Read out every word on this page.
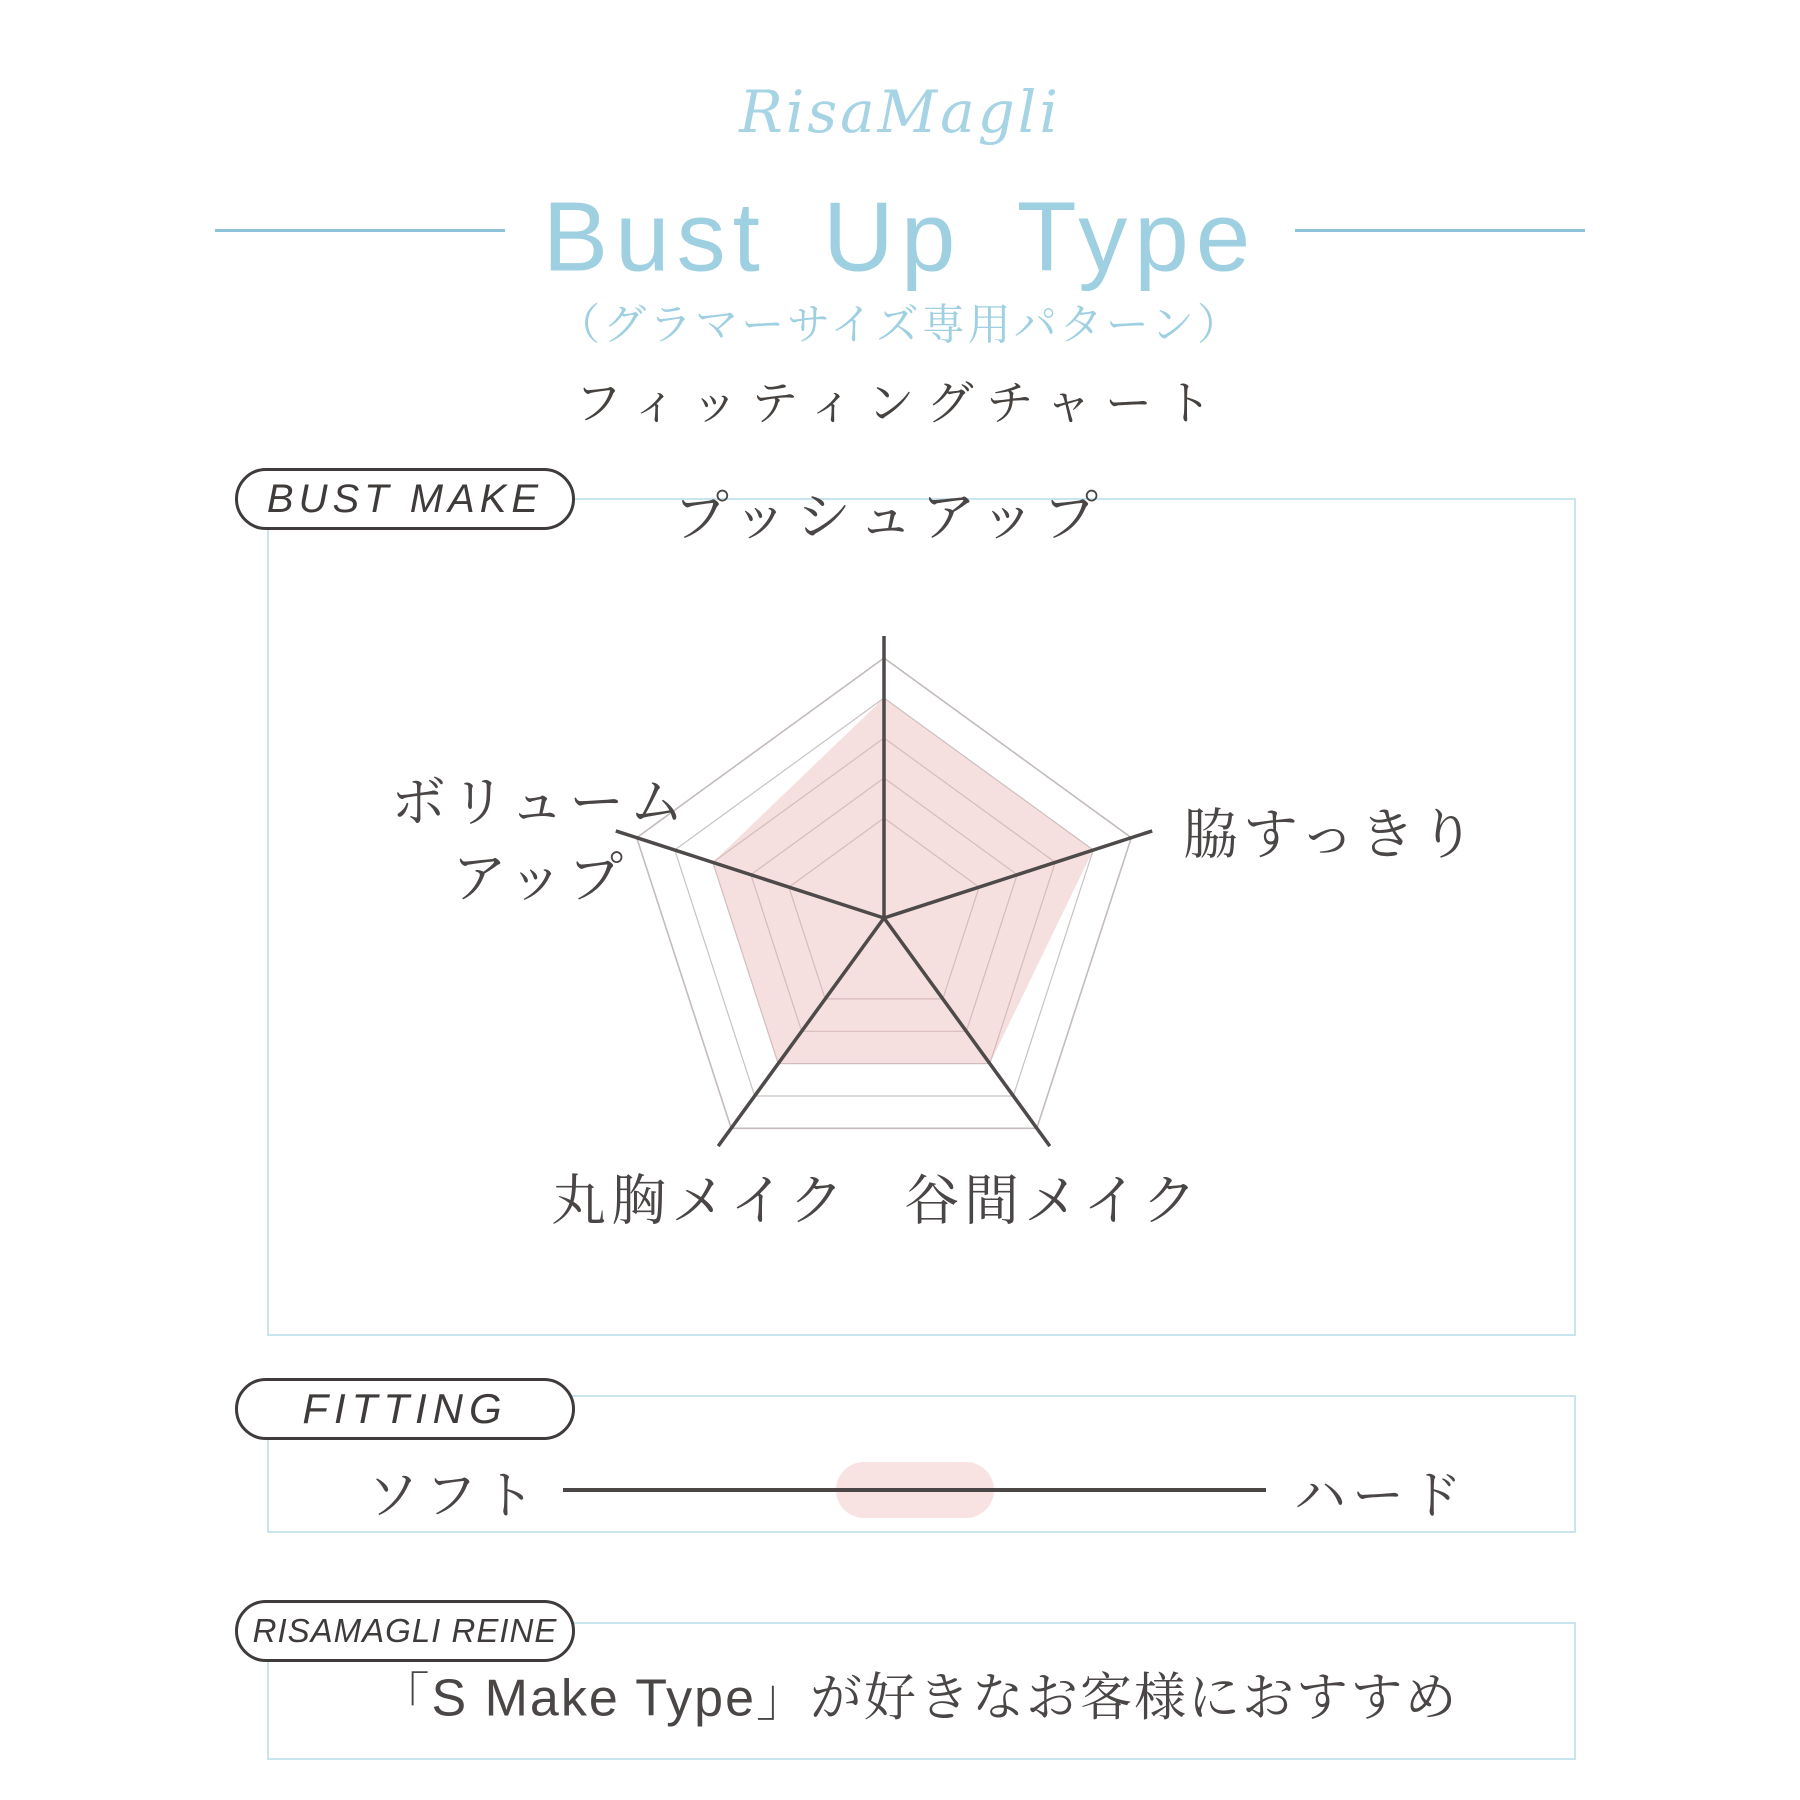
RisaMagli
Bust Up Type
（グラマーサイズ専用パターン）
フィッティングチャート
BUST MAKE プッシュアップ
脇すっきり
ボリューム
アップ
丸胸メイク 谷間メイク
FITTING
ソフト	ハード
RISAMAGLI REINE
「S Make Type」が好きなお客様におすすめ
